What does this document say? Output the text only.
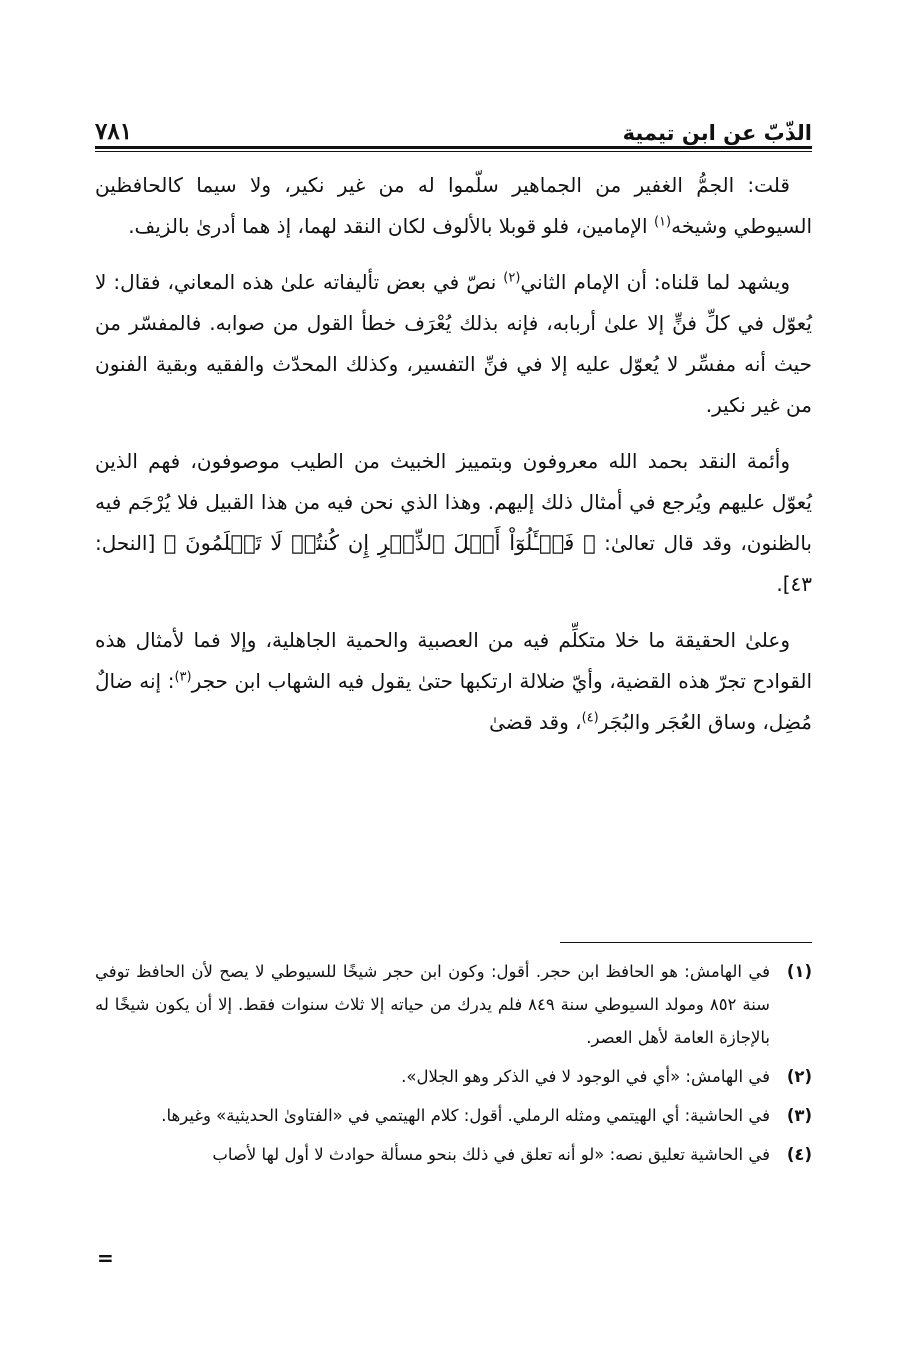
الذّبّ عن ابن تيمية
٧٨١

قلت: الجمُّ الغفير من الجماهير سلّموا له من غير نكير، ولا سيما كالحافظين السيوطي وشيخه$^{(١)}$ الإمامين، فلو قوبلا بالألوف لكان النقد لهما، إذ هما أدرىٰ بالزيف.

ويشهد لما قلناه: أن الإمام الثاني$^{(٢)}$ نصّ في بعض تأليفاته علىٰ هذه المعاني، فقال: لا يُعوّل في كلِّ فنٍّ إلا علىٰ أربابه، فإنه بذلك يُعْرَف خطأ القول من صوابه. فالمفسّر من حيث أنه مفسِّر لا يُعوّل عليه إلا في فنِّ التفسير، وكذلك المحدّث والفقيه وبقية الفنون من غير نكير.

وأئمة النقد بحمد الله معروفون وبتمييز الخبيث من الطيب موصوفون، فهم الذين يُعوّل عليهم ويُرجع في أمثال ذلك إليهم. وهذا الذي نحن فيه من هذا القبيل فلا يُرْجَم فيه بالظنون، وقد قال تعالىٰ: ﴿ فَسۡـَٔلُوٓاْ أَهۡلَ ٱلذِّكۡرِ إِن كُنتُمۡ لَا تَعۡلَمُونَ ﴾ [النحل: ٤٣].

وعلىٰ الحقيقة ما خلا متكلِّم فيه من العصبية والحمية الجاهلية، وإلا فما لأمثال هذه القوادح تجرّ هذه القضية، وأيّ ضلالة ارتكبها حتىٰ يقول فيه الشهاب ابن حجر$^{(٣)}$: إنه ضالٌ مُضِل، وساق العُجَر والبُجَر$^{(٤)}$، وقد قضىٰ

(١)
في الهامش: هو الحافظ ابن حجر. أقول: وكون ابن حجر شيخًا للسيوطي لا يصح لأن الحافظ توفي سنة ٨٥٢ ومولد السيوطي سنة ٨٤٩ فلم يدرك من حياته إلا ثلاث سنوات فقط. إلا أن يكون شيخًا له بالإجازة العامة لأهل العصر.
(٢)
في الهامش: «أي في الوجود لا في الذكر وهو الجلال».
(٣)
في الحاشية: أي الهيتمي ومثله الرملي. أقول: كلام الهيتمي في «الفتاوىٰ الحديثية» وغيرها.
(٤)
في الحاشية تعليق نصه: «لو أنه تعلق في ذلك بنحو مسألة حوادث لا أول لها لأصاب
=
